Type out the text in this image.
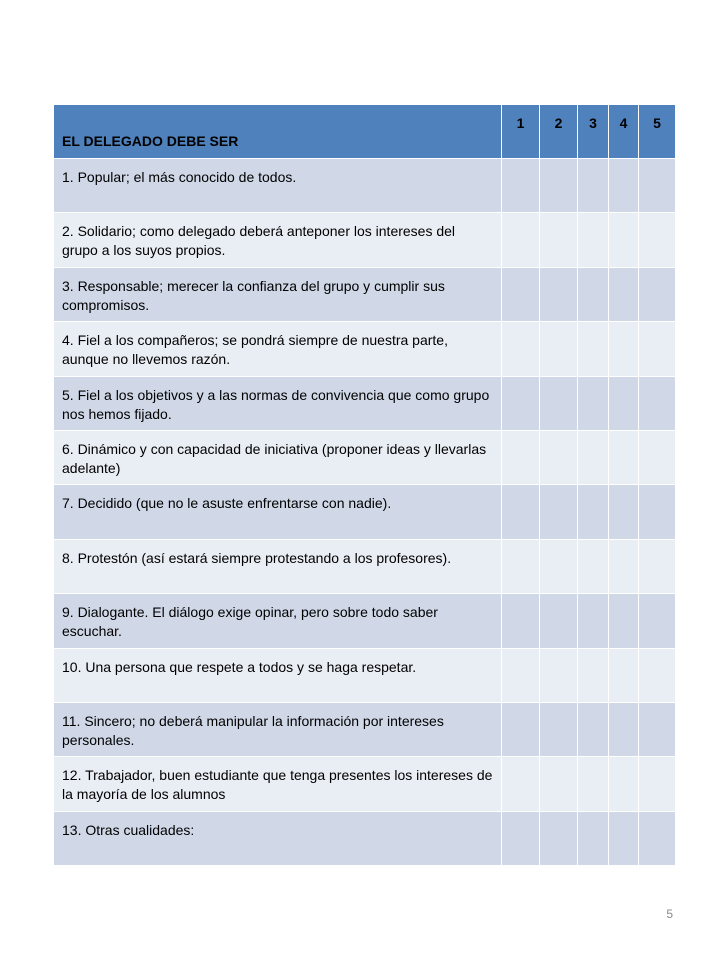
EL DELEGADO DEBE SER	1	2	3	4	5
1. Popular; el más conocido de todos.					
2. Solidario; como delegado deberá anteponer los intereses del grupo a los suyos propios.					
3. Responsable; merecer la confianza del grupo y cumplir sus compromisos.					
4. Fiel a los compañeros; se pondrá siempre de nuestra parte, aunque no llevemos razón.					
5. Fiel a los objetivos y a las normas de convivencia que como grupo nos hemos fijado.					
6. Dinámico y con capacidad de iniciativa (proponer ideas y llevarlas adelante)					
7. Decidido (que no le asuste enfrentarse con nadie).					
8. Protestón (así estará siempre protestando a los profesores).					
9. Dialogante. El diálogo exige opinar, pero sobre todo saber escuchar.					
10. Una persona que respete a todos y se haga respetar.					
11. Sincero; no deberá manipular la información por intereses personales.					
12. Trabajador, buen estudiante que tenga presentes los intereses de la mayoría de los alumnos					
13. Otras cualidades:					
5
